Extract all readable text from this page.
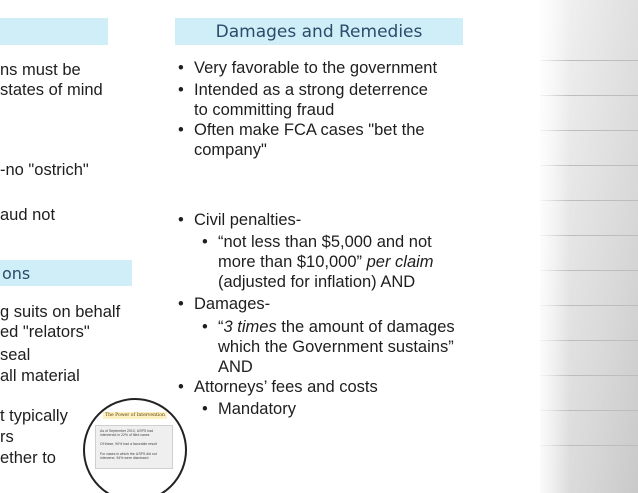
ns must be
states of mind
-no "ostrich"
aud not
ons
g suits on behalf
ed "relators"
seal
all material
t typically
rs
ether to
Damages and Remedies
• Very favorable to the government
• Intended as a strong deterrence to committing fraud
• Often make FCA cases "bet the company"
• Civil penalties-
• “not less than $5,000 and not more than $10,000” per claim (adjusted for inflation) AND
• Damages-
• “3 times the amount of damages which the Government sustains” AND
• Attorneys’ fees and costs
• Mandatory
The Power of Intervention
As of September 2010, USPS had intervened in 22% of filed cases
Of these, 90% had a favorable result
For cases in which the USPS did not intervene, 94% were dismissed
